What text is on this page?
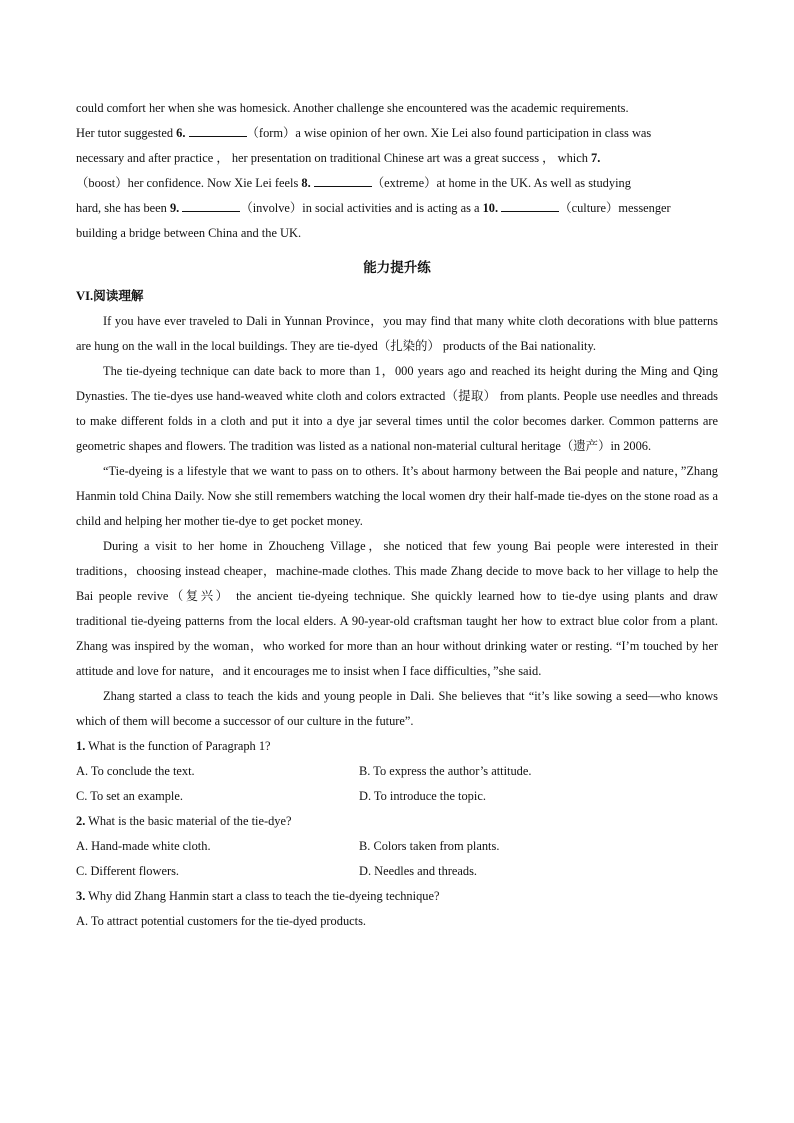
could comfort her when she was homesick. Another challenge she encountered was the academic requirements.

Her tutor suggested 6.	（form）a wise opinion of her own. Xie Lei also found participation in class was

necessary and after practice ， her presentation on traditional Chinese art was a great success ， which 7.

（boost）her confidence. Now Xie Lei feels 8.	（extreme）at home in the UK. As well as studying

hard, she has been 9.	（involve）in social activities and is acting as a 10.	（culture）messenger

building a bridge between China and the UK.

能力提升练
VI.阅读理解

If you have ever traveled to Dali in Yunnan Province，you may find that many white cloth decorations with blue patterns are hung on the wall in the local buildings. They are tie-dyed（扎染的） products of the Bai nationality.

The tie-dyeing technique can date back to more than 1，000 years ago and reached its height during the Ming and Qing Dynasties. The tie-dyes use hand-weaved white cloth and colors extracted（提取） from plants. People use needles and threads to make different folds in a cloth and put it into a dye jar several times until the color becomes darker. Common patterns are geometric shapes and flowers. The tradition was listed as a national non-material cultural heritage（遗产）in 2006.

“Tie-dyeing is a lifestyle that we want to pass on to others. It’s about harmony between the Bai people and nature，”Zhang Hanmin told China Daily. Now she still remembers watching the local women dry their half-made tie-dyes on the stone road as a child and helping her mother tie-dye to get pocket money.

During a visit to her home in Zhoucheng Village，she noticed that few young Bai people were interested in their traditions，choosing instead cheaper，machine-made clothes. This made Zhang decide to move back to her village to help the Bai people revive（复兴） the ancient tie-dyeing technique. She quickly learned how to tie-dye using plants and draw traditional tie-dyeing patterns from the local elders. A 90-year-old craftsman taught her how to extract blue color from a plant. Zhang was inspired by the woman，who worked for more than an hour without drinking water or resting. “I’m touched by her attitude and love for nature，and it encourages me to insist when I face difficulties，”she said.

Zhang started a class to teach the kids and young people in Dali. She believes that “it’s like sowing a seed—who knows which of them will become a successor of our culture in the future”.

1. What is the function of Paragraph 1?

A. To conclude the text.	B. To express the author’s attitude.
C. To set an example.	D. To introduce the topic.

2. What is the basic material of the tie-dye?

A. Hand-made white cloth.	B. Colors taken from plants.
C. Different flowers.	D. Needles and threads.

3. Why did Zhang Hanmin start a class to teach the tie-dyeing technique?

A. To attract potential customers for the tie-dyed products.
